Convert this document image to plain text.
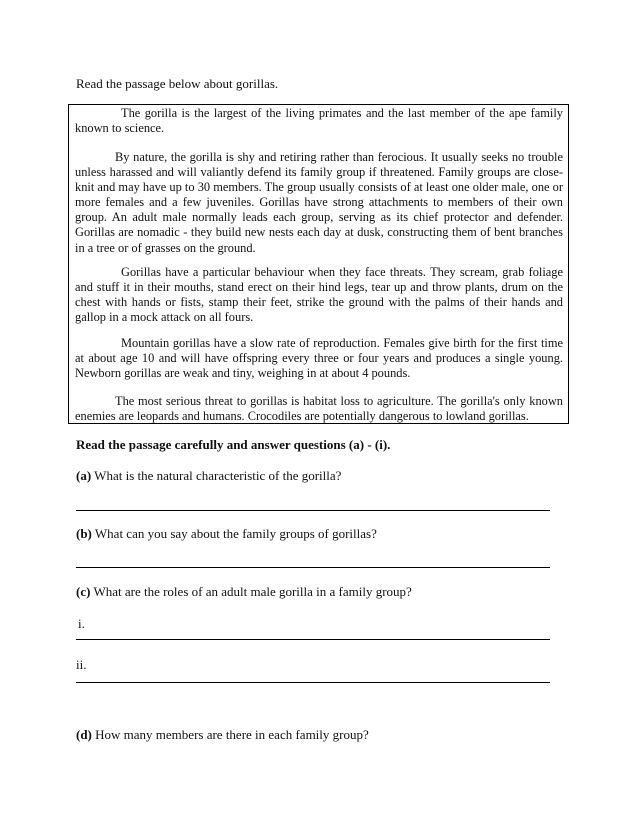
Read the passage below about gorillas.

The gorilla is the largest of the living primates and the last member of the ape family known to science.

By nature, the gorilla is shy and retiring rather than ferocious. It usually seeks no trouble unless harassed and will valiantly defend its family group if threatened. Family groups are close-knit and may have up to 30 members. The group usually consists of at least one older male, one or more females and a few juveniles. Gorillas have strong attachments to members of their own group. An adult male normally leads each group, serving as its chief protector and defender. Gorillas are nomadic - they build new nests each day at dusk, constructing them of bent branches in a tree or of grasses on the ground.

Gorillas have a particular behaviour when they face threats. They scream, grab foliage and stuff it in their mouths, stand erect on their hind legs, tear up and throw plants, drum on the chest with hands or fists, stamp their feet, strike the ground with the palms of their hands and gallop in a mock attack on all fours.

Mountain gorillas have a slow rate of reproduction. Females give birth for the first time at about age 10 and will have offspring every three or four years and produces a single young. Newborn gorillas are weak and tiny, weighing in at about 4 pounds.

The most serious threat to gorillas is habitat loss to agriculture. The gorilla's only known enemies are leopards and humans. Crocodiles are potentially dangerous to lowland gorillas.

Read the passage carefully and answer questions (a) - (i).
(a) What is the natural characteristic of the gorilla?
(b) What can you say about the family groups of gorillas?
(c) What are the roles of an adult male gorilla in a family group?
i.
ii.
(d) How many members are there in each family group?
